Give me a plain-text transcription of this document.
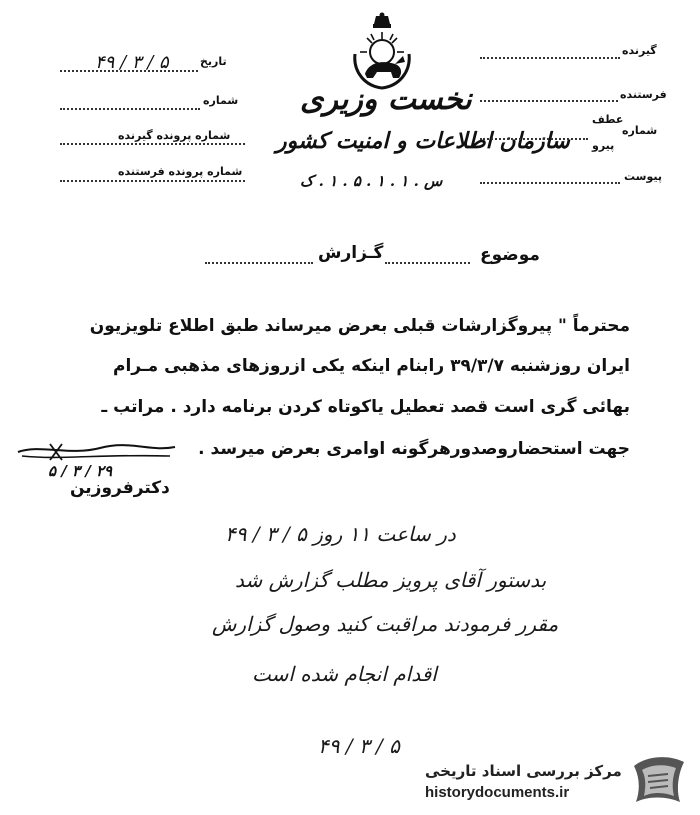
تاریخ
۵ / ۳ / ۴۹
شماره
شماره پرونده گیرنده
شماره پرونده فرستنده
نخست وزیری
سازمان اطلاعات و امنیت کشور
س . ۱ . ۱ . ۵ . ۱ . ک
گیرنده
فرستنده
عطف
شماره
پیرو
پیوست
موضوع
گـزارش
محترماً " پیروگزارشات قبلی بعرض میرساند طبق اطلاع تلویزیون
ایران روزشنبه ۳۹/۳/۷ رابنام اینکه یکی ازروزهای مذهبی مـرام
بهائی گری است قصد تعطیل یاکوتاه کردن برنامه دارد . مراتب ـ
جهت استحضاروصدورهرگونه اوامری بعرض میرسد .
۲۹ / ۳ / ۵
دکترفروزین
در ساعت ۱۱ روز ۵ / ۳ / ۴۹
بدستور آقای پرویز مطلب گزارش شد
مقرر فرمودند مراقبت کنید وصول گزارش
اقدام انجام شده است
۵ / ۳ / ۴۹
مرکز بررسی اسناد تاریخی
historydocuments.ir
